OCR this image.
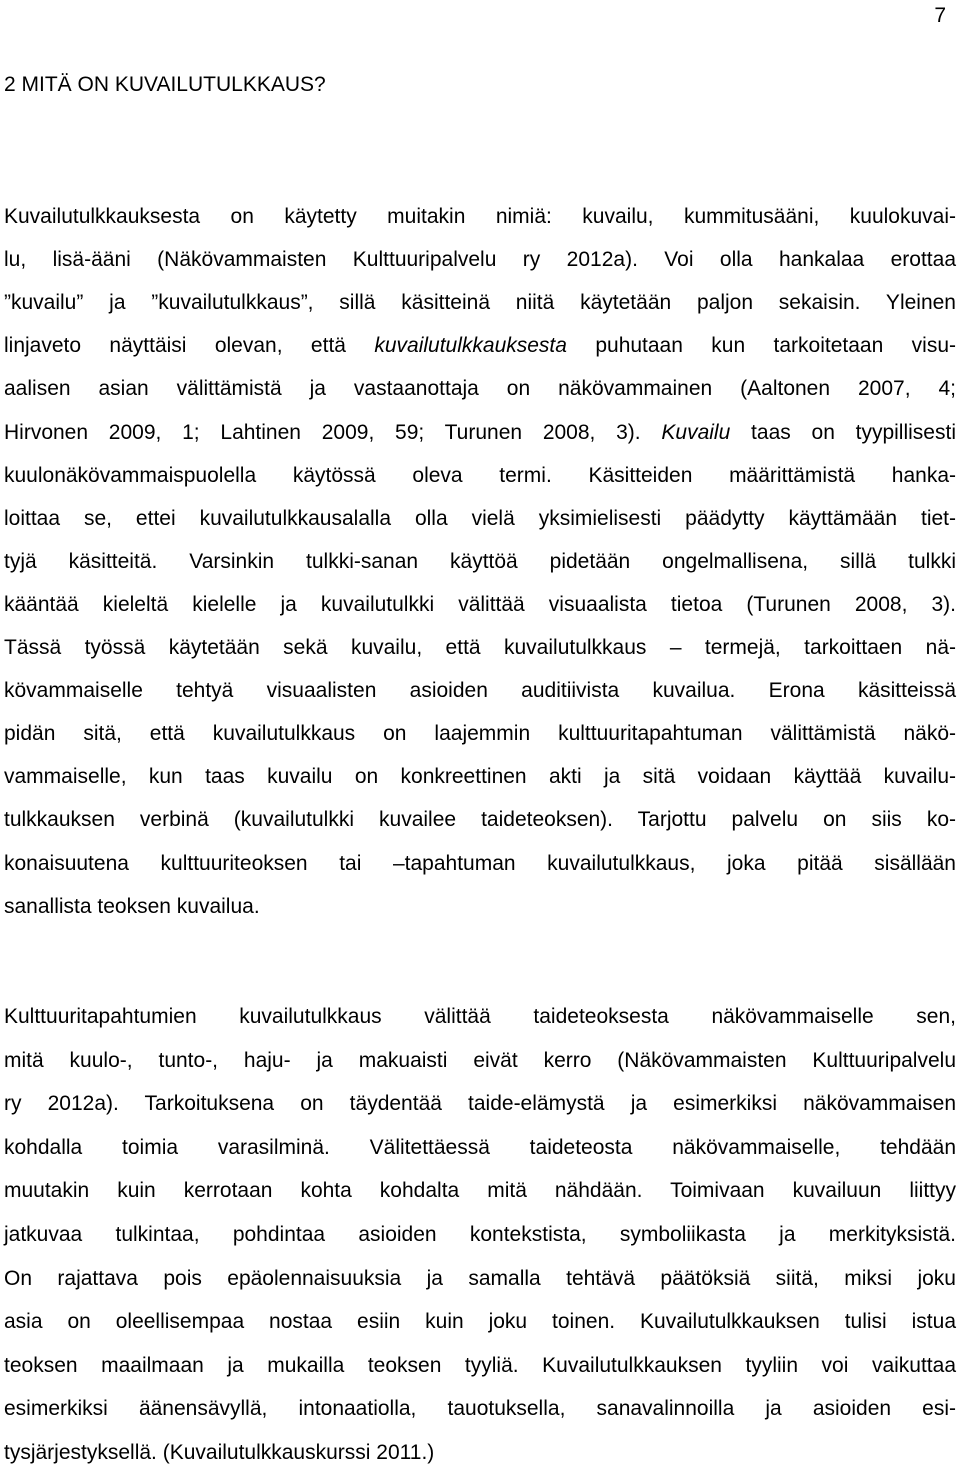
7
2 MITÄ ON KUVAILUTULKKAUS?
Kuvailutulkkauksesta on käytetty muitakin nimiä: kuvailu, kummitusääni, kuulokuvai-
lu, lisä-ääni (Näkövammaisten Kulttuuripalvelu ry 2012a). Voi olla hankalaa erottaa
”kuvailu” ja ”kuvailutulkkaus”, sillä käsitteinä niitä käytetään paljon sekaisin. Yleinen
linjaveto näyttäisi olevan, että kuvailutulkkauksesta puhutaan kun tarkoitetaan visu-
aalisen asian välittämistä ja vastaanottaja on näkövammainen (Aaltonen 2007, 4;
Hirvonen 2009, 1; Lahtinen 2009, 59; Turunen 2008, 3). Kuvailu taas on tyypillisesti
kuulonäkövammaispuolella käytössä oleva termi. Käsitteiden määrittämistä hanka-
loittaa se, ettei kuvailutulkkausalalla olla vielä yksimielisesti päädytty käyttämään tiet-
tyjä käsitteitä. Varsinkin tulkki-sanan käyttöä pidetään ongelmallisena, sillä tulkki
kääntää kieleltä kielelle ja kuvailutulkki välittää visuaalista tietoa (Turunen 2008, 3).
Tässä työssä käytetään sekä kuvailu, että kuvailutulkkaus – termejä, tarkoittaen nä-
kövammaiselle tehtyä visuaalisten asioiden auditiivista kuvailua. Erona käsitteissä
pidän sitä, että kuvailutulkkaus on laajemmin kulttuuritapahtuman välittämistä näkö-
vammaiselle, kun taas kuvailu on konkreettinen akti ja sitä voidaan käyttää kuvailu-
tulkkauksen verbinä (kuvailutulkki kuvailee taideteoksen). Tarjottu palvelu on siis ko-
konaisuutena kulttuuriteoksen tai –tapahtuman kuvailutulkkaus, joka pitää sisällään
sanallista teoksen kuvailua.
Kulttuuritapahtumien kuvailutulkkaus välittää taideteoksesta näkövammaiselle sen,
mitä kuulo-, tunto-, haju- ja makuaisti eivät kerro (Näkövammaisten Kulttuuripalvelu
ry 2012a). Tarkoituksena on täydentää taide-elämystä ja esimerkiksi näkövammaisen
kohdalla toimia varasilminä. Välitettäessä taideteosta näkövammaiselle, tehdään
muutakin kuin kerrotaan kohta kohdalta mitä nähdään. Toimivaan kuvailuun liittyy
jatkuvaa tulkintaa, pohdintaa asioiden kontekstista, symboliikasta ja merkityksistä.
On rajattava pois epäolennaisuuksia ja samalla tehtävä päätöksiä siitä, miksi joku
asia on oleellisempaa nostaa esiin kuin joku toinen. Kuvailutulkkauksen tulisi istua
teoksen maailmaan ja mukailla teoksen tyyliä. Kuvailutulkkauksen tyyliin voi vaikuttaa
esimerkiksi äänensävyllä, intonaatiolla, tauotuksella, sanavalinnoilla ja asioiden esi-
tysjärjestyksellä. (Kuvailutulkkauskurssi 2011.)
